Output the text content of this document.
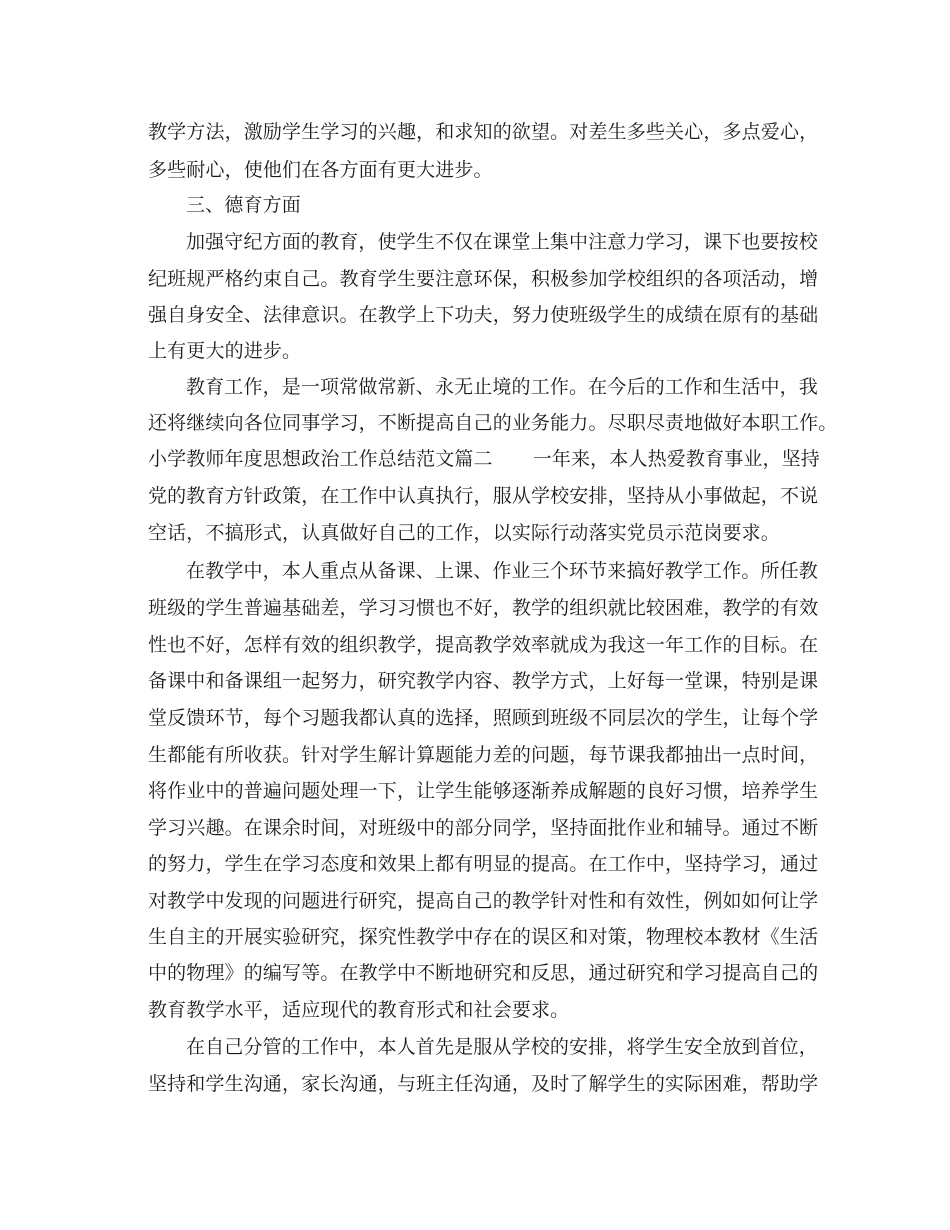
教学方法，激励学生学习的兴趣，和求知的欲望。对差生多些关心，多点爱心，
多些耐心，使他们在各方面有更大进步。
三、德育方面
加强守纪方面的教育，使学生不仅在课堂上集中注意力学习，课下也要按校
纪班规严格约束自己。教育学生要注意环保，积极参加学校组织的各项活动，增
强自身安全、法律意识。在教学上下功夫，努力使班级学生的成绩在原有的基础
上有更大的进步。
教育工作，是一项常做常新、永无止境的工作。在今后的工作和生活中，我
还将继续向各位同事学习，不断提高自己的业务能力。尽职尽责地做好本职工作。
小学教师年度思想政治工作总结范文篇二 一年来，本人热爱教育事业，坚持
党的教育方针政策，在工作中认真执行，服从学校安排，坚持从小事做起，不说
空话，不搞形式，认真做好自己的工作，以实际行动落实党员示范岗要求。
在教学中，本人重点从备课、上课、作业三个环节来搞好教学工作。所任教
班级的学生普遍基础差，学习习惯也不好，教学的组织就比较困难，教学的有效
性也不好，怎样有效的组织教学，提高教学效率就成为我这一年工作的目标。在
备课中和备课组一起努力，研究教学内容、教学方式，上好每一堂课，特别是课
堂反馈环节，每个习题我都认真的选择，照顾到班级不同层次的学生，让每个学
生都能有所收获。针对学生解计算题能力差的问题，每节课我都抽出一点时间，
将作业中的普遍问题处理一下，让学生能够逐渐养成解题的良好习惯，培养学生
学习兴趣。在课余时间，对班级中的部分同学，坚持面批作业和辅导。通过不断
的努力，学生在学习态度和效果上都有明显的提高。在工作中，坚持学习，通过
对教学中发现的问题进行研究，提高自己的教学针对性和有效性，例如如何让学
生自主的开展实验研究，探究性教学中存在的误区和对策，物理校本教材《生活
中的物理》的编写等。在教学中不断地研究和反思，通过研究和学习提高自己的
教育教学水平，适应现代的教育形式和社会要求。
在自己分管的工作中，本人首先是服从学校的安排，将学生安全放到首位，
坚持和学生沟通，家长沟通，与班主任沟通，及时了解学生的实际困难，帮助学
